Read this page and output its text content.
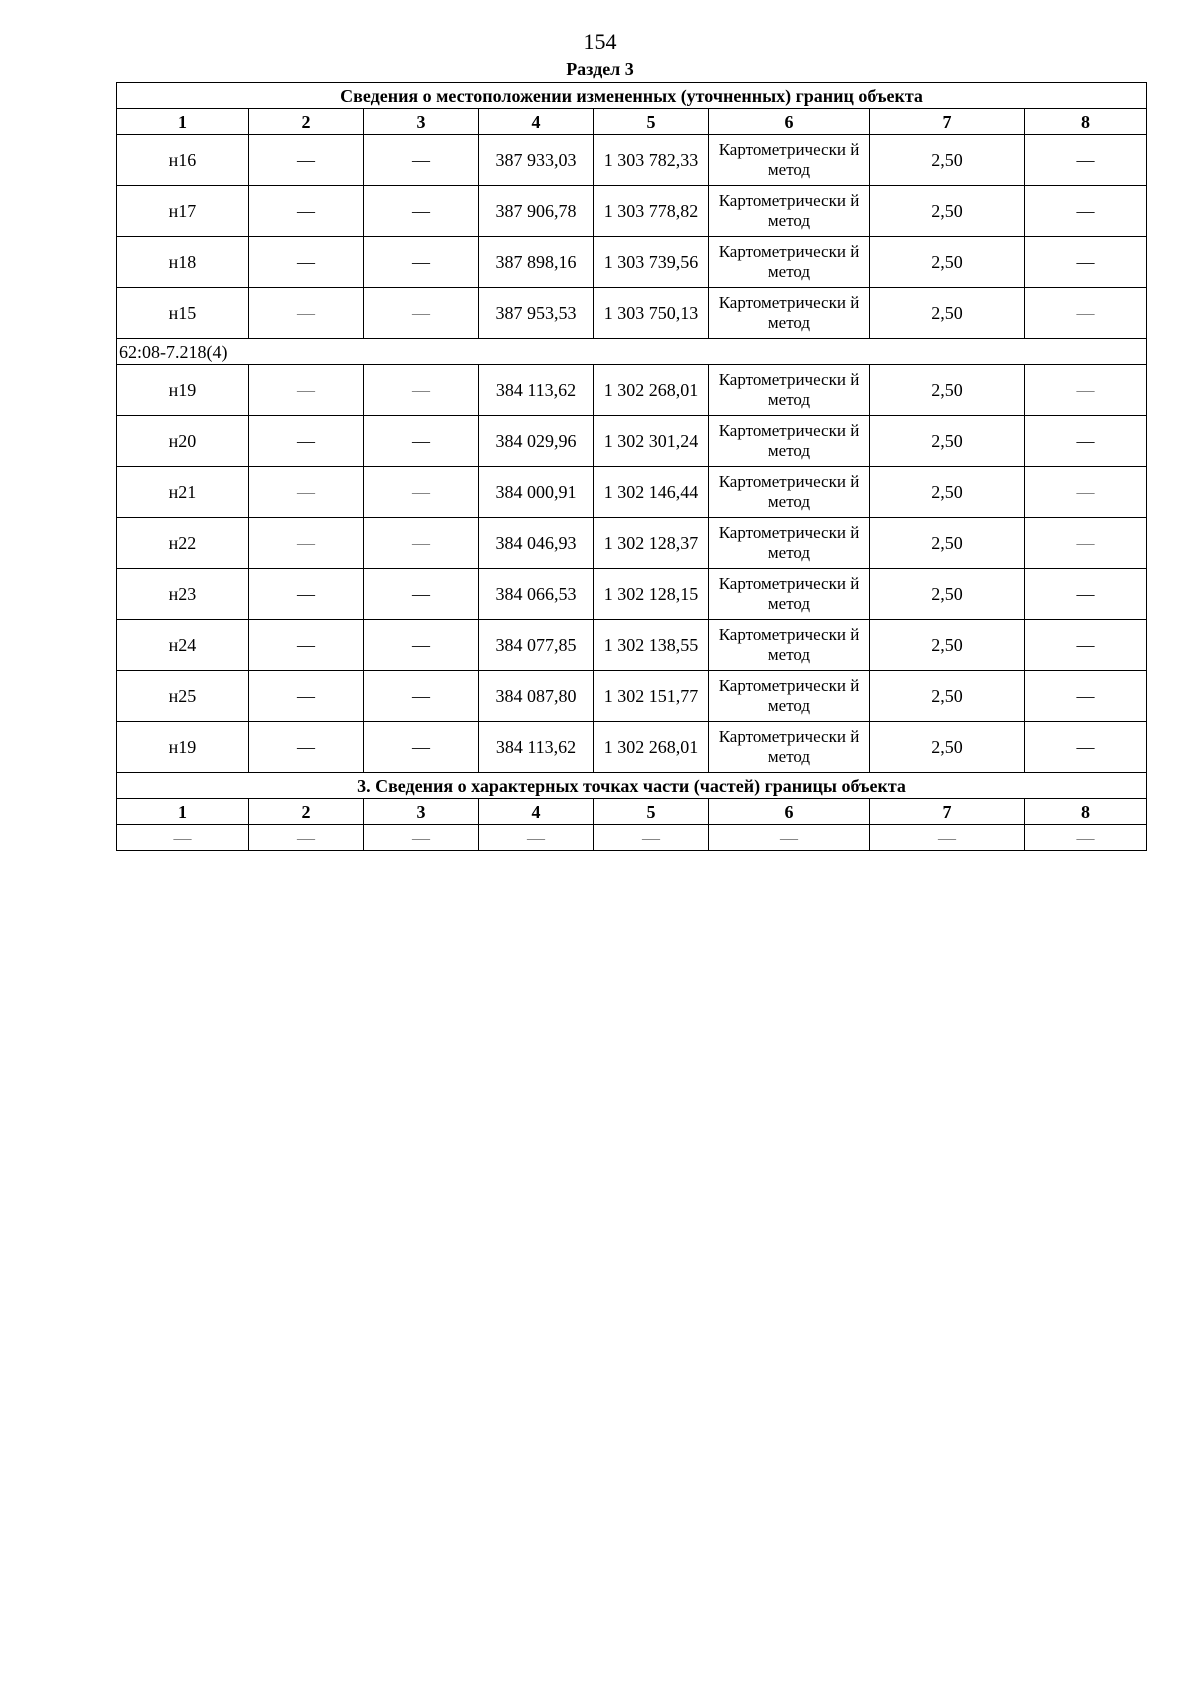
154
Раздел 3
Сведения о местоположении измененных (уточненных) границ объекта							
1	2	3	4	5	6	7	8
н16	—	—	387 933,03	1 303 782,33	Картометрически й метод	2,50	—
н17	—	—	387 906,78	1 303 778,82	Картометрически й метод	2,50	—
н18	—	—	387 898,16	1 303 739,56	Картометрически й метод	2,50	—
н15	—	—	387 953,53	1 303 750,13	Картометрически й метод	2,50	—
62:08-7.218(4)							
н19	—	—	384 113,62	1 302 268,01	Картометрически й метод	2,50	—
н20	—	—	384 029,96	1 302 301,24	Картометрически й метод	2,50	—
н21	—	—	384 000,91	1 302 146,44	Картометрически й метод	2,50	—
н22	—	—	384 046,93	1 302 128,37	Картометрически й метод	2,50	—
н23	—	—	384 066,53	1 302 128,15	Картометрически й метод	2,50	—
н24	—	—	384 077,85	1 302 138,55	Картометрически й метод	2,50	—
н25	—	—	384 087,80	1 302 151,77	Картометрически й метод	2,50	—
н19	—	—	384 113,62	1 302 268,01	Картометрически й метод	2,50	—
3. Сведения о характерных точках части (частей) границы объекта							
1	2	3	4	5	6	7	8
—	—	—	—	—	—	—	—
